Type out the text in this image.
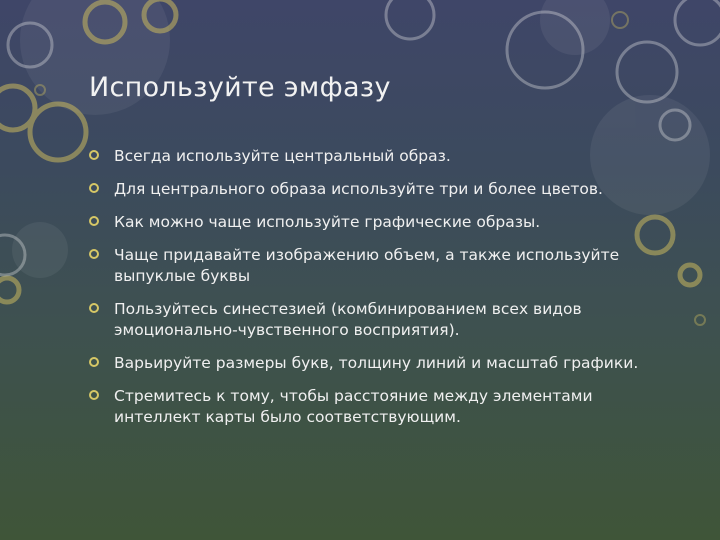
Используйте эмфазу
Всегда используйте центральный образ.
Для центрального образа используйте три и более цветов.
Как можно чаще используйте графические образы.
Чаще придавайте изображению объем, а также используйте выпуклые буквы
Пользуйтесь синестезией (комбинированием всех видов эмоционально-чувственного восприятия).
Варьируйте размеры букв, толщину линий и масштаб графики.
Стремитесь к тому, чтобы расстояние между элементами интеллект карты было соответствующим.
